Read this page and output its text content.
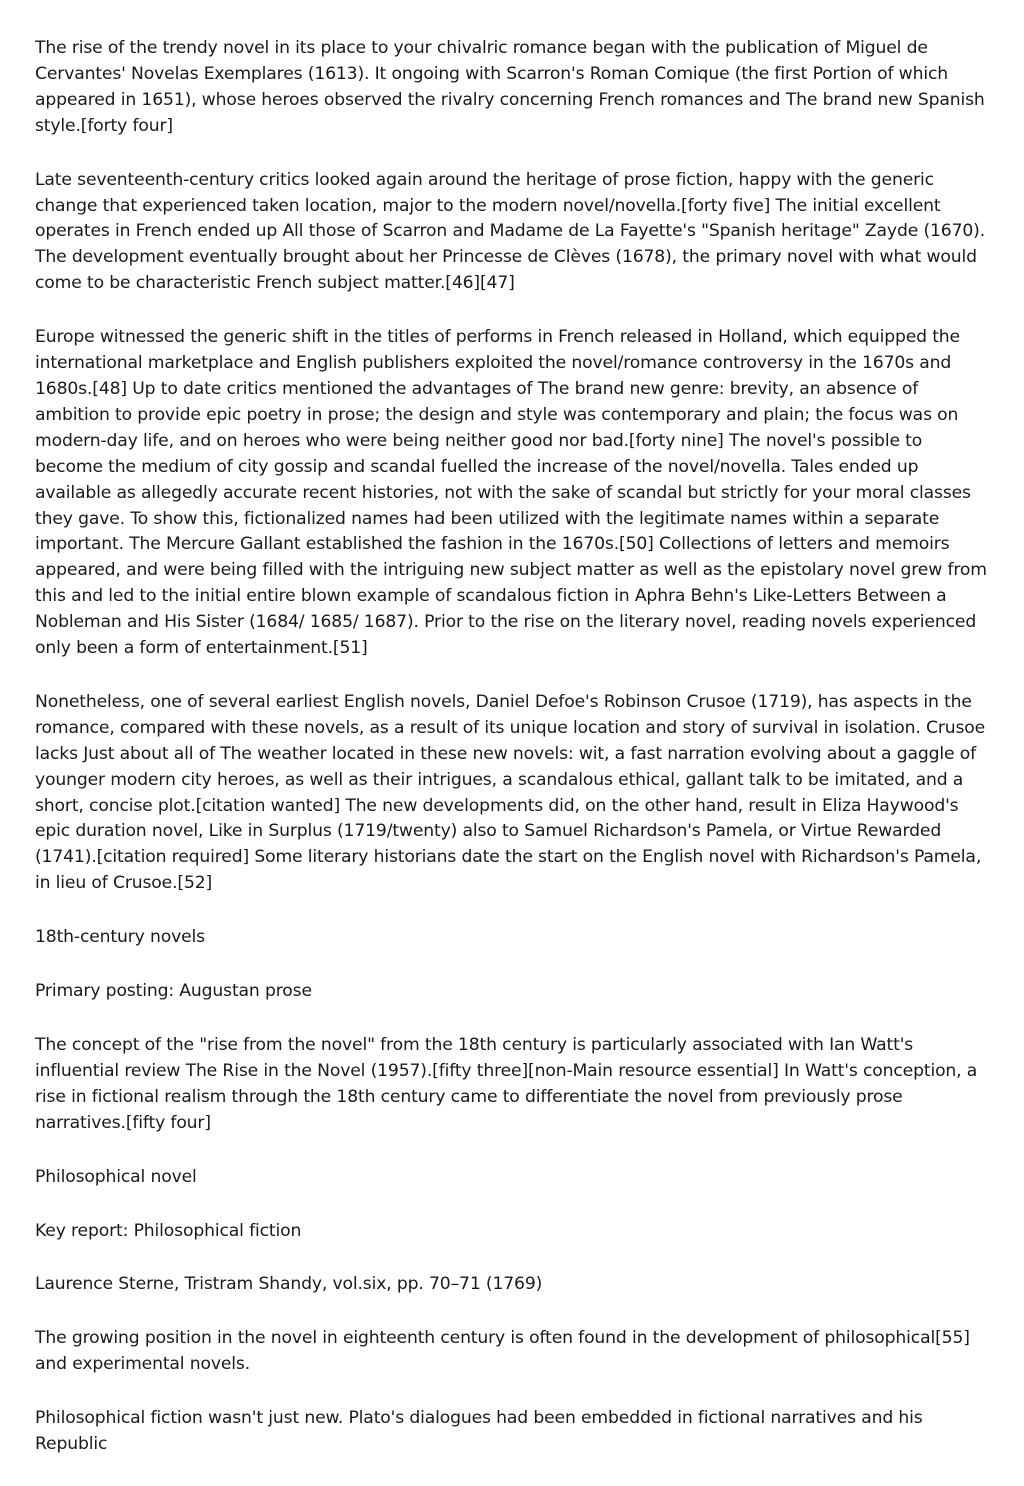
The rise of the trendy novel in its place to your chivalric romance began with the publication of Miguel de Cervantes' Novelas Exemplares (1613). It ongoing with Scarron's Roman Comique (the first Portion of which appeared in 1651), whose heroes observed the rivalry concerning French romances and The brand new Spanish style.[forty four]

Late seventeenth-century critics looked again around the heritage of prose fiction, happy with the generic change that experienced taken location, major to the modern novel/novella.[forty five] The initial excellent operates in French ended up All those of Scarron and Madame de La Fayette's "Spanish heritage" Zayde (1670). The development eventually brought about her Princesse de Clèves (1678), the primary novel with what would come to be characteristic French subject matter.[46][47]

Europe witnessed the generic shift in the titles of performs in French released in Holland, which equipped the international marketplace and English publishers exploited the novel/romance controversy in the 1670s and 1680s.[48] Up to date critics mentioned the advantages of The brand new genre: brevity, an absence of ambition to provide epic poetry in prose; the design and style was contemporary and plain; the focus was on modern-day life, and on heroes who were being neither good nor bad.[forty nine] The novel's possible to become the medium of city gossip and scandal fuelled the increase of the novel/novella. Tales ended up available as allegedly accurate recent histories, not with the sake of scandal but strictly for your moral classes they gave. To show this, fictionalized names had been utilized with the legitimate names within a separate important. The Mercure Gallant established the fashion in the 1670s.[50] Collections of letters and memoirs appeared, and were being filled with the intriguing new subject matter as well as the epistolary novel grew from this and led to the initial entire blown example of scandalous fiction in Aphra Behn's Like-Letters Between a Nobleman and His Sister (1684/ 1685/ 1687). Prior to the rise on the literary novel, reading novels experienced only been a form of entertainment.[51]

Nonetheless, one of several earliest English novels, Daniel Defoe's Robinson Crusoe (1719), has aspects in the romance, compared with these novels, as a result of its unique location and story of survival in isolation. Crusoe lacks Just about all of The weather located in these new novels: wit, a fast narration evolving about a gaggle of younger modern city heroes, as well as their intrigues, a scandalous ethical, gallant talk to be imitated, and a short, concise plot.[citation wanted] The new developments did, on the other hand, result in Eliza Haywood's epic duration novel, Like in Surplus (1719/twenty) also to Samuel Richardson's Pamela, or Virtue Rewarded (1741).[citation required] Some literary historians date the start on the English novel with Richardson's Pamela, in lieu of Crusoe.[52]

18th-century novels

Primary posting: Augustan prose

The concept of the "rise from the novel" from the 18th century is particularly associated with Ian Watt's influential review The Rise in the Novel (1957).[fifty three][non-Main resource essential] In Watt's conception, a rise in fictional realism through the 18th century came to differentiate the novel from previously prose narratives.[fifty four]

Philosophical novel

Key report: Philosophical fiction

Laurence Sterne, Tristram Shandy, vol.six, pp. 70–71 (1769)

The growing position in the novel in eighteenth century is often found in the development of philosophical[55] and experimental novels.

Philosophical fiction wasn't just new. Plato's dialogues had been embedded in fictional narratives and his Republic
